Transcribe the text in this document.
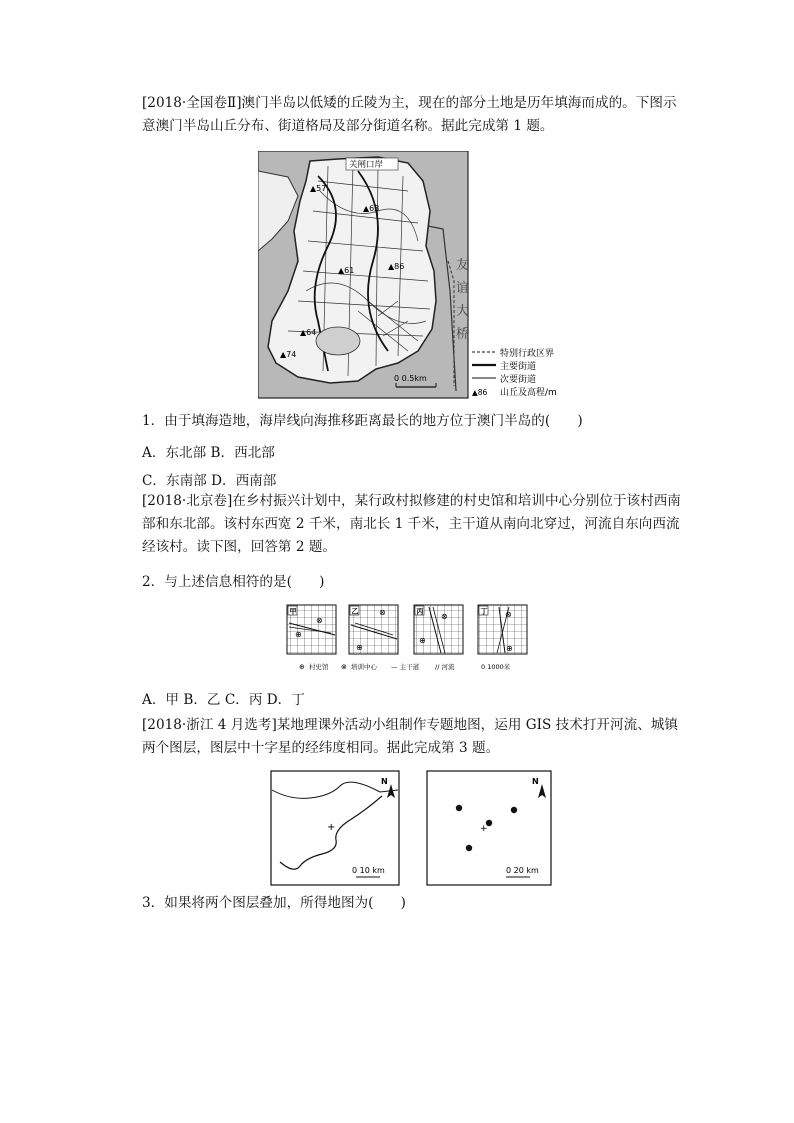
[2018·全国卷Ⅱ]澳门半岛以低矮的丘陵为主，现在的部分土地是历年填海而成的。下图示意澳门半岛山丘分布、街道格局及部分街道名称。据此完成第 1 题。
关闸口岸
▲57
▲63
▲61	▲86
▲64
▲74
友
谊
大
桥
0 0.5km
特别行政区界
主要街道
次要街道
▲86 山丘及高程/m
1．由于填海造地，海岸线向海推移距离最长的地方位于澳门半岛的(　　)
A．东北部 B．西北部
C．东南部 D．西南部
[2018·北京卷]在乡村振兴计划中，某行政村拟修建的村史馆和培训中心分别位于该村西南部和东北部。该村东西宽 2 千米，南北长 1 千米，主干道从南向北穿过，河流自东向西流经该村。读下图，回答第 2 题。
2．与上述信息相符的是(　　)
甲
⊕
⊗
乙	⊗
⊕
丙
⊗
⊕
丁 ⊗
⊕
⊕ 村史馆 ⊗ 培训中心 — 主干道 // 河流	0 1000米
A．甲 B．乙 C．丙 D．丁
[2018·浙江 4 月选考]某地理课外活动小组制作专题地图，运用 GIS 技术打开河流、城镇两个图层，图层中十字星的经纬度相同。据此完成第 3 题。
+
N
0 10 km
+
N
0 20 km
3．如果将两个图层叠加，所得地图为(　　)
